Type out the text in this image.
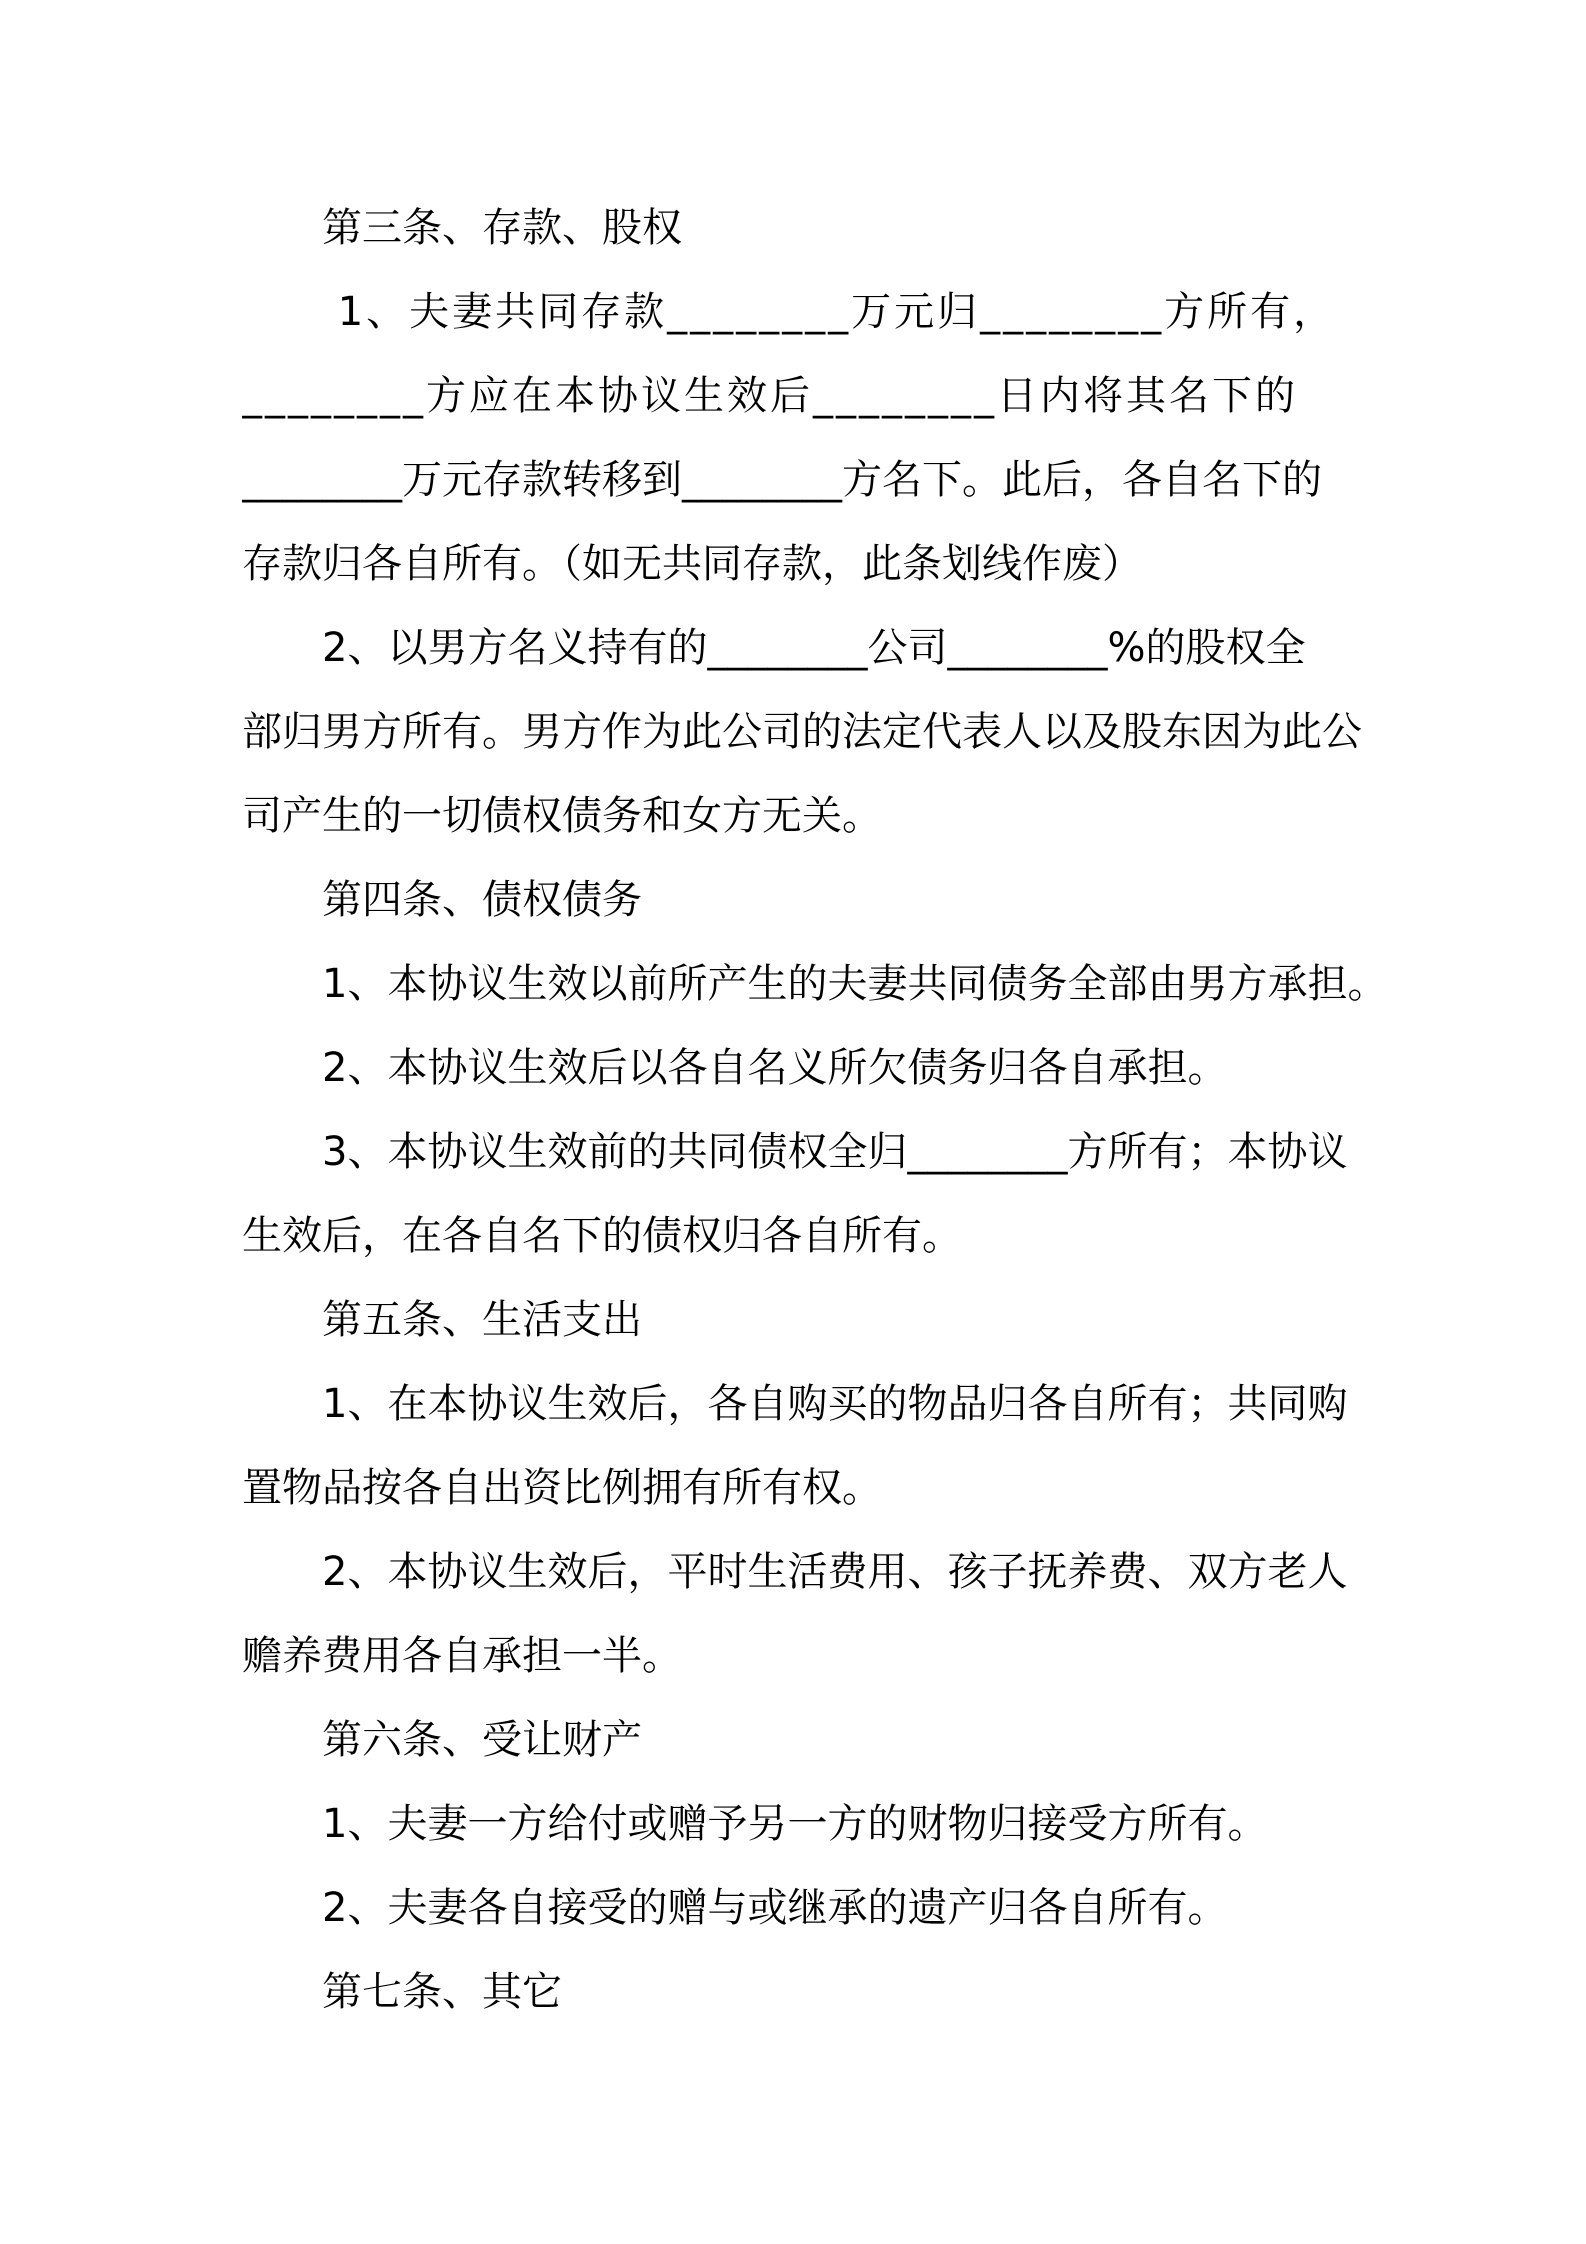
第三条、存款、股权
1、夫妻共同存款________万元归________方所有，
________方应在本协议生效后________日内将其名下的
________万元存款转移到________方名下。此后，各自名下的
存款归各自所有。（如无共同存款，此条划线作废）
2、以男方名义持有的________公司________%的股权全
部归男方所有。男方作为此公司的法定代表人以及股东因为此公
司产生的一切债权债务和女方无关。
第四条、债权债务
1、本协议生效以前所产生的夫妻共同债务全部由男方承担。
2、本协议生效后以各自名义所欠债务归各自承担。
3、本协议生效前的共同债权全归________方所有；本协议
生效后，在各自名下的债权归各自所有。
第五条、生活支出
1、在本协议生效后，各自购买的物品归各自所有；共同购
置物品按各自出资比例拥有所有权。
2、本协议生效后，平时生活费用、孩子抚养费、双方老人
赡养费用各自承担一半。
第六条、受让财产
1、夫妻一方给付或赠予另一方的财物归接受方所有。
2、夫妻各自接受的赠与或继承的遗产归各自所有。
第七条、其它
